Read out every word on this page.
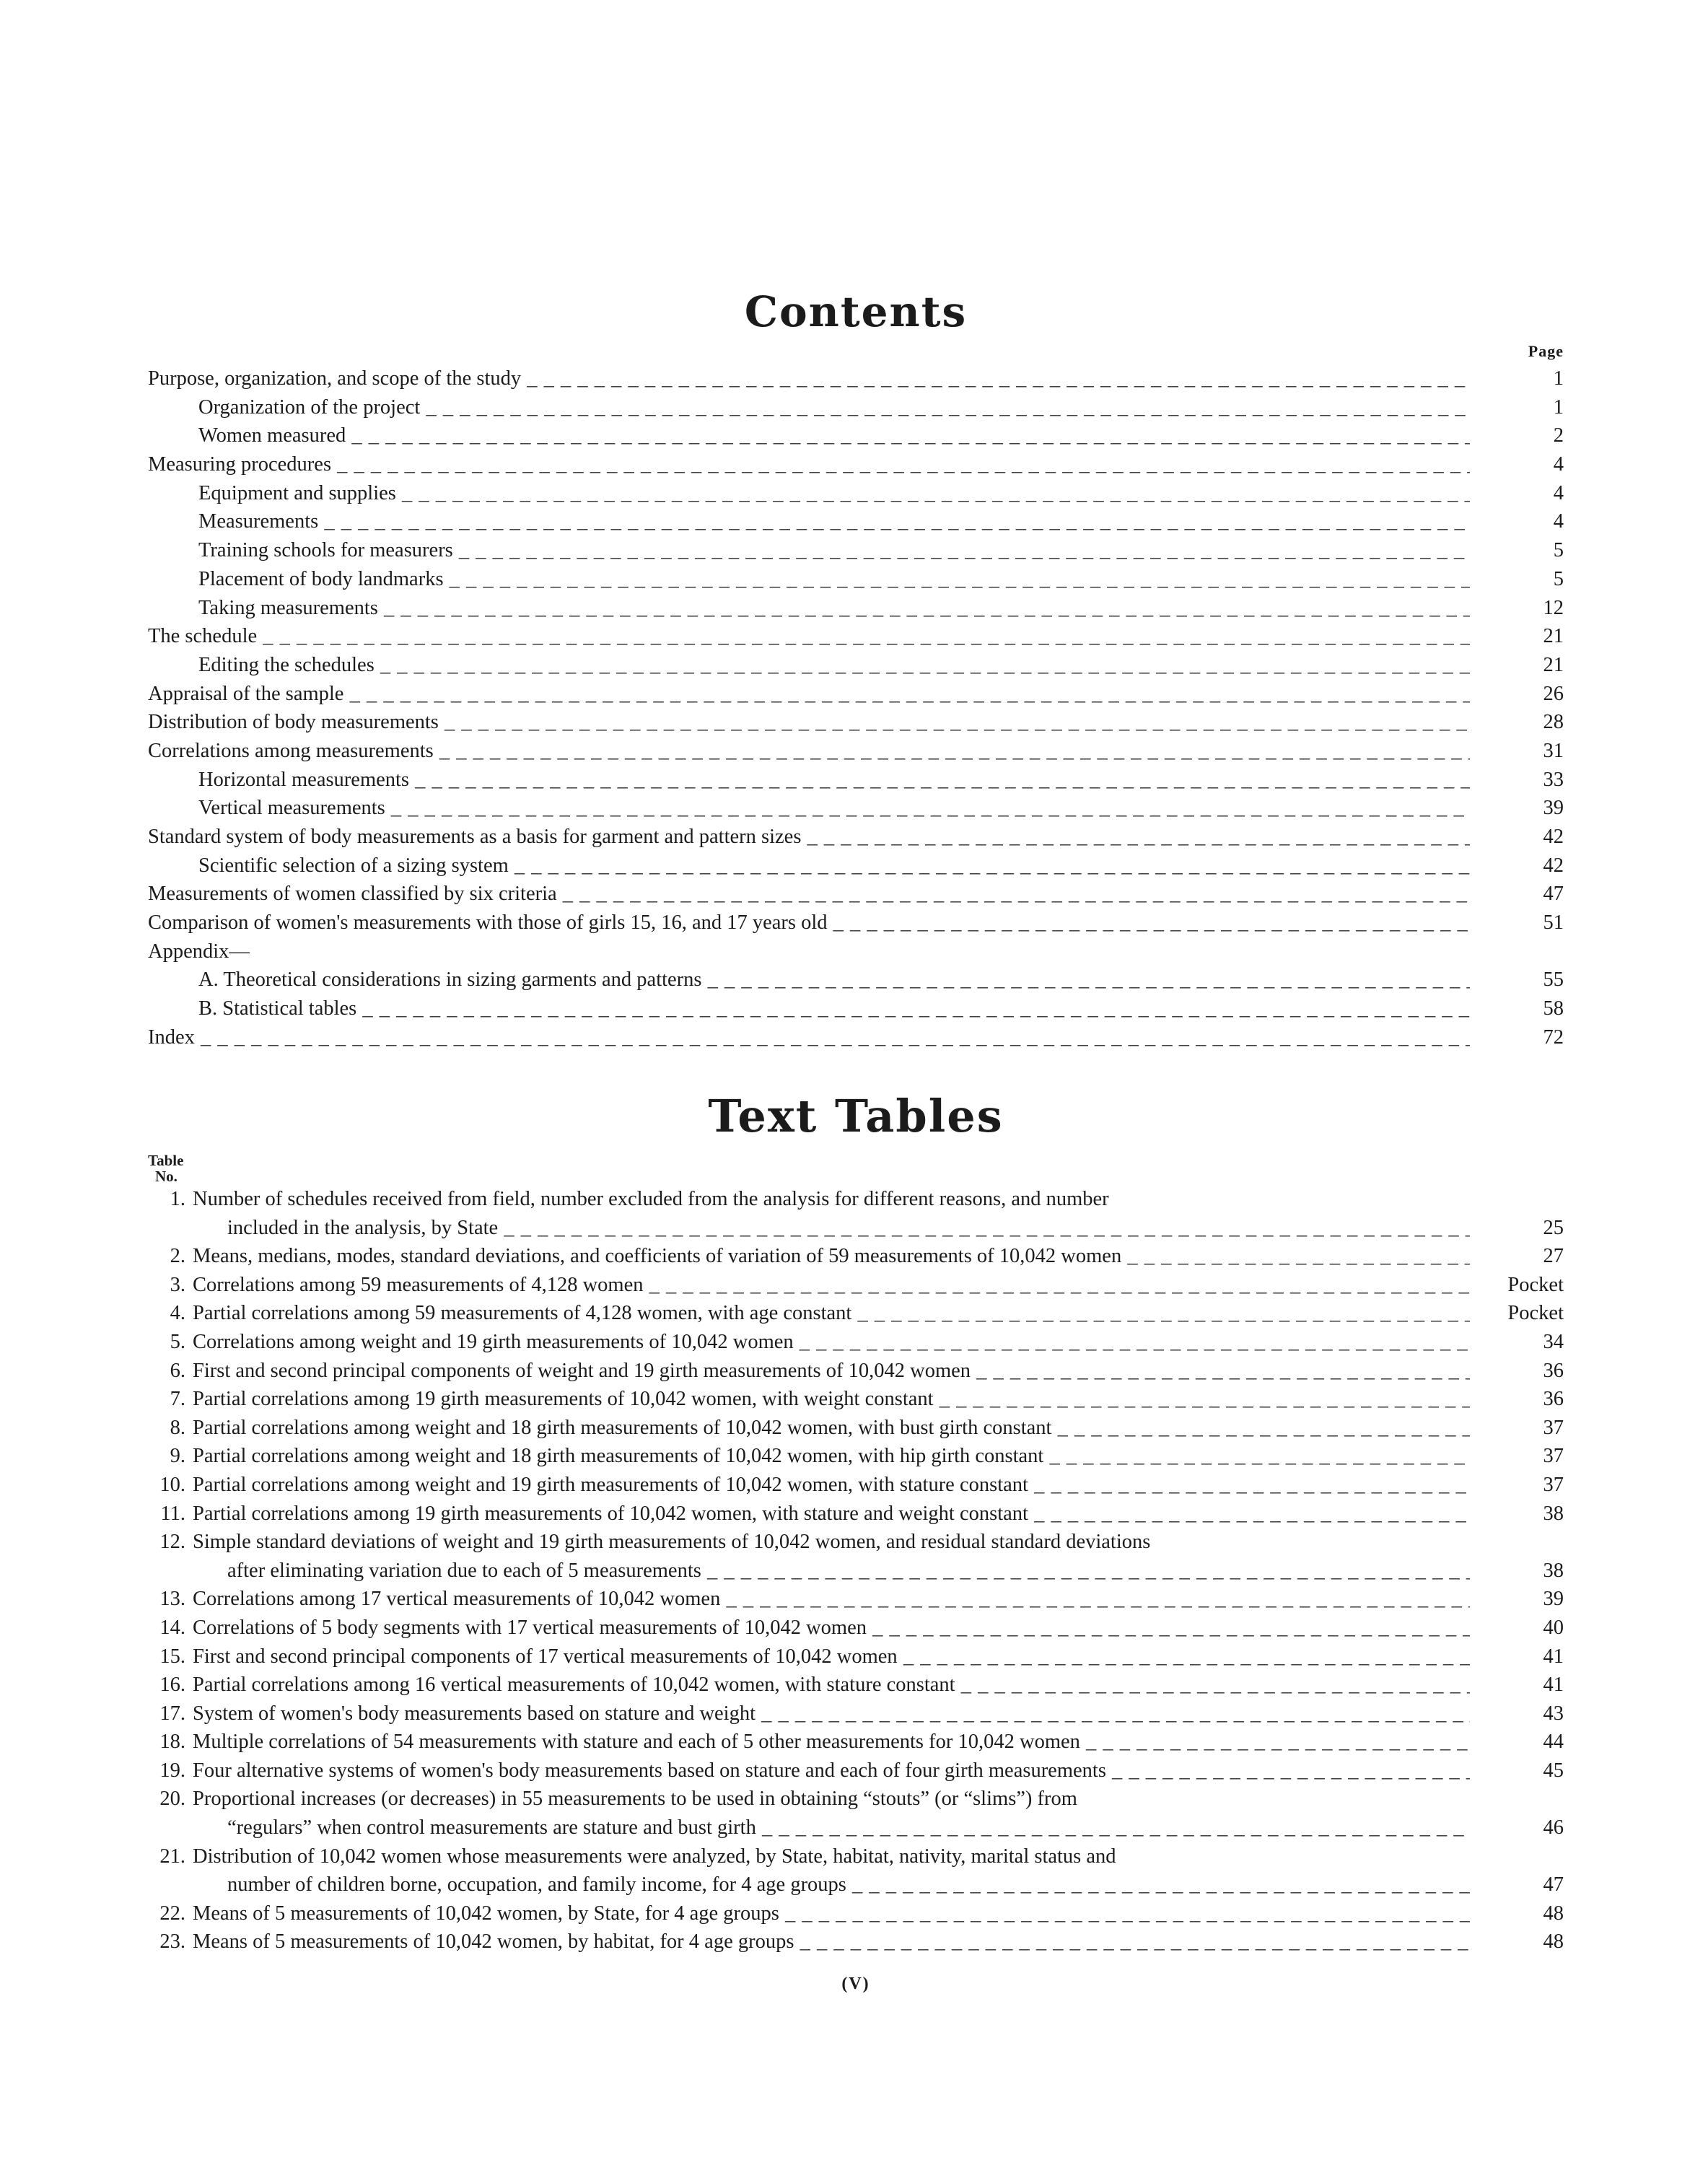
Contents
Page
Purpose, organization, and scope of the study _ _ _	1
Organization of the project _ _ _	1
Women measured _ _ _	2
Measuring procedures _ _ _	4
Equipment and supplies _ _ _	4
Measurements _ _ _	4
Training schools for measurers _ _ _	5
Placement of body landmarks _ _ _	5
Taking measurements _ _ _	12
The schedule _ _ _	21
Editing the schedules _ _ _	21
Appraisal of the sample _ _ _	26
Distribution of body measurements _ _ _	28
Correlations among measurements _ _ _	31
Horizontal measurements _ _ _	33
Vertical measurements _ _ _	39
Standard system of body measurements as a basis for garment and pattern sizes _ _ _	42
Scientific selection of a sizing system _ _ _	42
Measurements of women classified by six criteria _ _ _	47
Comparison of women's measurements with those of girls 15, 16, and 17 years old _ _ _	51
Appendix—
A. Theoretical considerations in sizing garments and patterns _ _ _	55
B. Statistical tables _ _ _	58
Index _ _ _	72
Text Tables
Table
No.
1. Number of schedules received from field, number excluded from the analysis for different reasons, and number
included in the analysis, by State _ _ _	25
2. Means, medians, modes, standard deviations, and coefficients of variation of 59 measurements of 10,042 women _ _ _	27
3. Correlations among 59 measurements of 4,128 women _ _ _	Pocket
4. Partial correlations among 59 measurements of 4,128 women, with age constant _ _ _	Pocket
5. Correlations among weight and 19 girth measurements of 10,042 women _ _ _	34
6. First and second principal components of weight and 19 girth measurements of 10,042 women _ _ _	36
7. Partial correlations among 19 girth measurements of 10,042 women, with weight constant _ _ _	36
8. Partial correlations among weight and 18 girth measurements of 10,042 women, with bust girth constant _ _ _	37
9. Partial correlations among weight and 18 girth measurements of 10,042 women, with hip girth constant _ _ _	37
10. Partial correlations among weight and 19 girth measurements of 10,042 women, with stature constant _ _ _	37
11. Partial correlations among 19 girth measurements of 10,042 women, with stature and weight constant _ _ _	38
12. Simple standard deviations of weight and 19 girth measurements of 10,042 women, and residual standard deviations
after eliminating variation due to each of 5 measurements _ _ _	38
13. Correlations among 17 vertical measurements of 10,042 women _ _ _	39
14. Correlations of 5 body segments with 17 vertical measurements of 10,042 women _ _ _	40
15. First and second principal components of 17 vertical measurements of 10,042 women _ _ _	41
16. Partial correlations among 16 vertical measurements of 10,042 women, with stature constant _ _ _	41
17. System of women's body measurements based on stature and weight _ _ _	43
18. Multiple correlations of 54 measurements with stature and each of 5 other measurements for 10,042 women _ _ _	44
19. Four alternative systems of women's body measurements based on stature and each of four girth measurements _ _ _	45
20. Proportional increases (or decreases) in 55 measurements to be used in obtaining “stouts” (or “slims”) from
“regulars” when control measurements are stature and bust girth _ _ _	46
21. Distribution of 10,042 women whose measurements were analyzed, by State, habitat, nativity, marital status and
number of children borne, occupation, and family income, for 4 age groups _ _ _	47
22. Means of 5 measurements of 10,042 women, by State, for 4 age groups _ _ _	48
23. Means of 5 measurements of 10,042 women, by habitat, for 4 age groups _ _ _	48
(V)
